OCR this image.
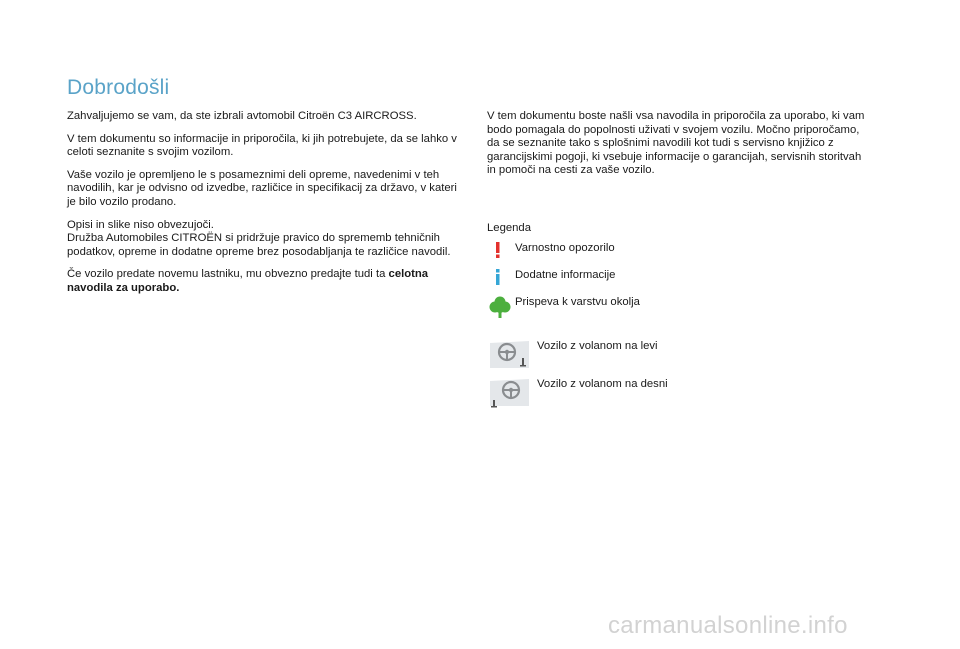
Dobrodošli

Zahvaljujemo se vam, da ste izbrali avtomobil Citroën C3 AIRCROSS.

V tem dokumentu so informacije in priporočila, ki jih potrebujete, da se lahko v celoti seznanite s svojim vozilom.

Vaše vozilo je opremljeno le s posameznimi deli opreme, navedenimi v teh navodilih, kar je odvisno od izvedbe, različice in specifikacij za državo, v kateri je bilo vozilo prodano.

Opisi in slike niso obvezujoči.
Družba Automobiles CITROËN si pridržuje pravico do sprememb tehničnih podatkov, opreme in dodatne opreme brez posodabljanja te različice navodil.

Če vozilo predate novemu lastniku, mu obvezno predajte tudi ta celotna navodila za uporabo.

V tem dokumentu boste našli vsa navodila in priporočila za uporabo, ki vam bodo pomagala do popolnosti uživati v svojem vozilu. Močno priporočamo, da se seznanite tako s splošnimi navodili kot tudi s servisno knjižico z garancijskimi pogoji, ki vsebuje informacije o garancijah, servisnih storitvah in pomoči na cesti za vaše vozilo.

Legenda
Varnostno opozorilo
Dodatne informacije
Prispeva k varstvu okolja
Vozilo z volanom na levi
Vozilo z volanom na desni
carmanualsonline.info
